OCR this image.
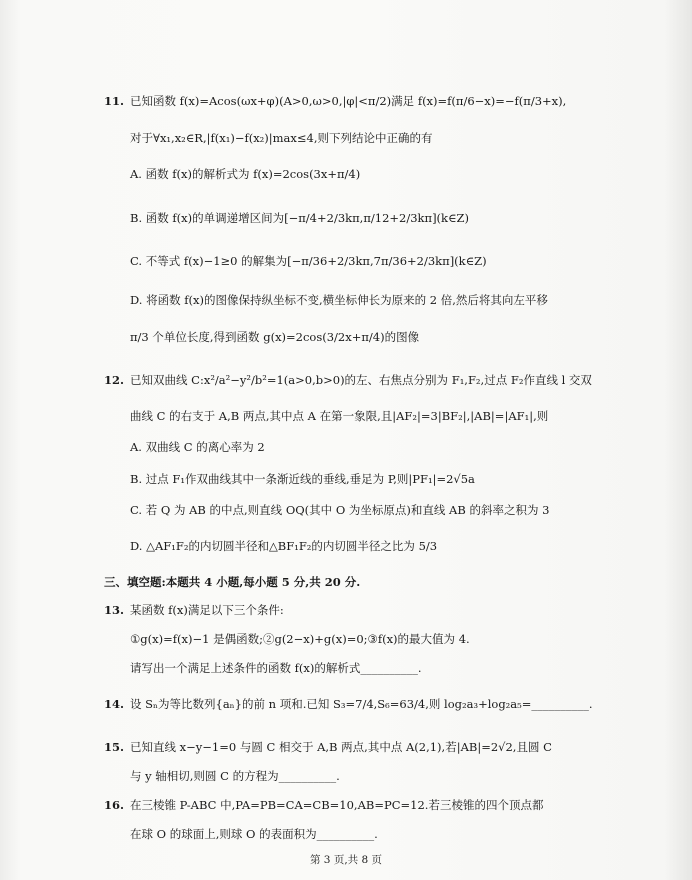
11. 已知函数 f(x)=Acos(ωx+φ)(A>0,ω>0,|φ|<π/2)满足 f(x)=f(π/6−x)=−f(π/3+x),
对于∀x₁,x₂∈R,|f(x₁)−f(x₂)|max≤4,则下列结论中正确的有
A. 函数 f(x)的解析式为 f(x)=2cos(3x+π/4)
B. 函数 f(x)的单调递增区间为[−π/4+2/3kπ,π/12+2/3kπ](k∈Z)
C. 不等式 f(x)−1≥0 的解集为[−π/36+2/3kπ,7π/36+2/3kπ](k∈Z)
D. 将函数 f(x)的图像保持纵坐标不变,横坐标伸长为原来的 2 倍,然后将其向左平移
π/3 个单位长度,得到函数 g(x)=2cos(3/2x+π/4)的图像
12. 已知双曲线 C:x²/a²−y²/b²=1(a>0,b>0)的左、右焦点分别为 F₁,F₂,过点 F₂作直线 l 交双
曲线 C 的右支于 A,B 两点,其中点 A 在第一象限,且|AF₂|=3|BF₂|,|AB|=|AF₁|,则
A. 双曲线 C 的离心率为 2
B. 过点 F₁作双曲线其中一条渐近线的垂线,垂足为 P,则|PF₁|=2√5a
C. 若 Q 为 AB 的中点,则直线 OQ(其中 O 为坐标原点)和直线 AB 的斜率之积为 3
D. △AF₁F₂的内切圆半径和△BF₁F₂的内切圆半径之比为 5/3
三、填空题:本题共 4 小题,每小题 5 分,共 20 分.
13. 某函数 f(x)满足以下三个条件:
①g(x)=f(x)−1 是偶函数;②g(2−x)+g(x)=0;③f(x)的最大值为 4.
请写出一个满足上述条件的函数 f(x)的解析式__________.
14. 设 Sₙ为等比数列{aₙ}的前 n 项和.已知 S₃=7/4,S₆=63/4,则 log₂a₃+log₂a₅=__________.
15. 已知直线 x−y−1=0 与圆 C 相交于 A,B 两点,其中点 A(2,1),若|AB|=2√2,且圆 C
与 y 轴相切,则圆 C 的方程为__________.
16. 在三棱锥 P-ABC 中,PA=PB=CA=CB=10,AB=PC=12.若三棱锥的四个顶点都
在球 O 的球面上,则球 O 的表面积为__________.
第 3 页,共 8 页
